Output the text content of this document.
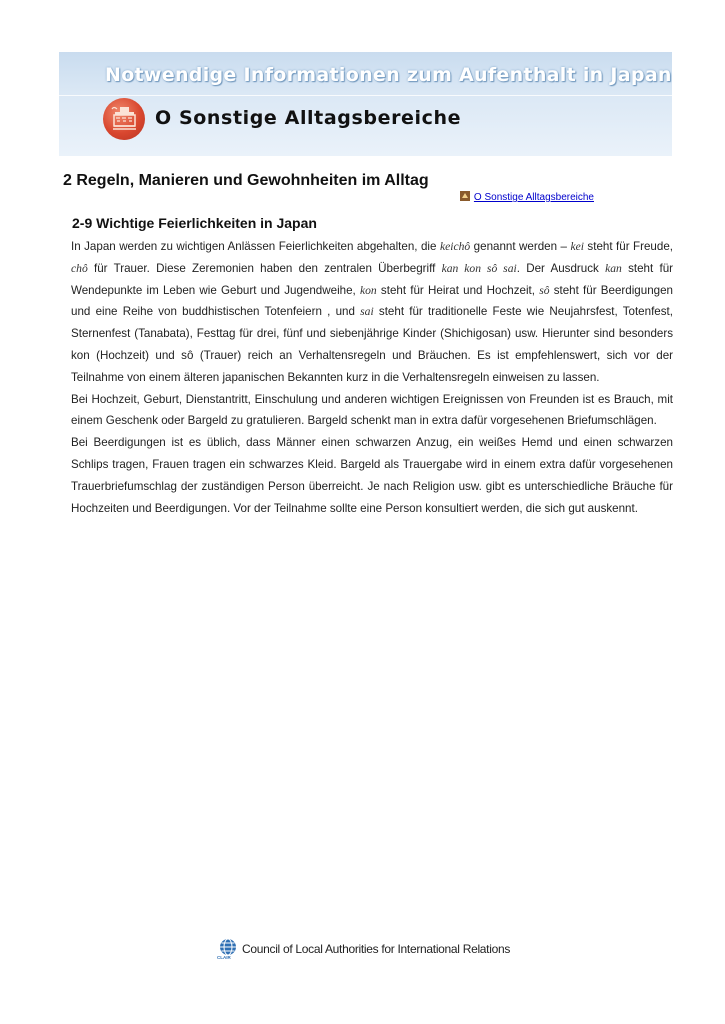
Notwendige Informationen zum Aufenthalt in Japan
O Sonstige Alltagsbereiche
O Sonstige Alltagsbereiche
2 Regeln, Manieren und Gewohnheiten im Alltag
2-9 Wichtige Feierlichkeiten in Japan

In Japan werden zu wichtigen Anlässen Feierlichkeiten abgehalten, die keichô genannt werden – kei steht für Freude, chô für Trauer. Diese Zeremonien haben den zentralen Überbegriff kan kon sô sai. Der Ausdruck kan steht für Wendepunkte im Leben wie Geburt und Jugendweihe, kon steht für Heirat und Hochzeit, sô steht für Beerdigungen und eine Reihe von buddhistischen Totenfeiern , und sai steht für traditionelle Feste wie Neujahrsfest, Totenfest, Sternenfest (Tanabata), Festtag für drei, fünf und siebenjährige Kinder (Shichigosan) usw. Hierunter sind besonders kon (Hochzeit) und sô (Trauer) reich an Verhaltensregeln und Bräuchen. Es ist empfehlenswert, sich vor der Teilnahme von einem älteren japanischen Bekannten kurz in die Verhaltensregeln einweisen zu lassen.

Bei Hochzeit, Geburt, Dienstantritt, Einschulung und anderen wichtigen Ereignissen von Freunden ist es Brauch, mit einem Geschenk oder Bargeld zu gratulieren. Bargeld schenkt man in extra dafür vorgesehenen Briefumschlägen.

Bei Beerdigungen ist es üblich, dass Männer einen schwarzen Anzug, ein weißes Hemd und einen schwarzen Schlips tragen, Frauen tragen ein schwarzes Kleid. Bargeld als Trauergabe wird in einem extra dafür vorgesehenen Trauerbriefumschlag der zuständigen Person überreicht. Je nach Religion usw. gibt es unterschiedliche Bräuche für Hochzeiten und Beerdigungen. Vor der Teilnahme sollte eine Person konsultiert werden, die sich gut auskennt.

CLAIR
Council of Local Authorities for International Relations
